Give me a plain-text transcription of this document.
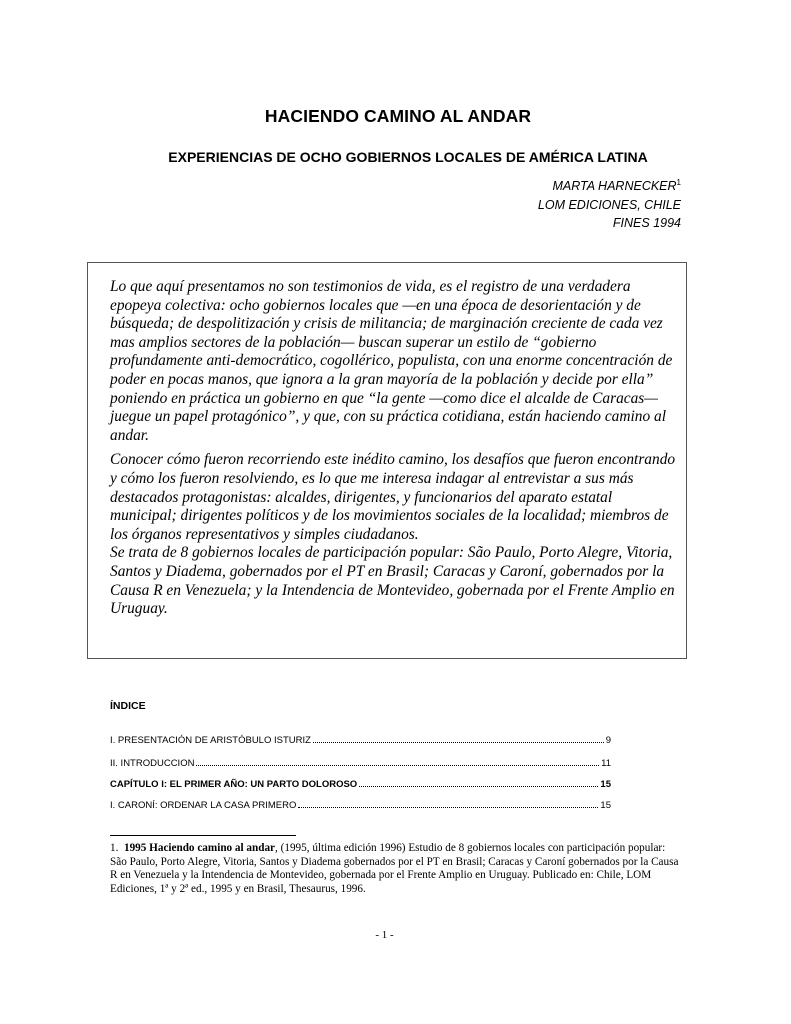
HACIENDO CAMINO AL ANDAR
EXPERIENCIAS DE OCHO GOBIERNOS LOCALES DE AMÉRICA LATINA
MARTA HARNECKER$^1$
LOM EDICIONES, CHILE
FINES 1994

Lo que aquí presentamos no son testimonios de vida, es el registro de una verdadera epopeya colectiva: ocho gobiernos locales que —en una época de desorientación y de búsqueda; de despolitización y crisis de militancia; de marginación creciente de cada vez mas amplios sectores de la población— buscan superar un estilo de “gobierno profundamente anti-democrático, cogollérico, populista, con una enorme concentración de poder en pocas manos, que ignora a la gran mayoría de la población y decide por ella” poniendo en práctica un gobierno en que “la gente —como dice el alcalde de Caracas— juegue un papel protagónico”, y que, con su práctica cotidiana, están haciendo camino al andar.

Conocer cómo fueron recorriendo este inédito camino, los desafíos que fueron encontrando y cómo los fueron resolviendo, es lo que me interesa indagar al entrevistar a sus más destacados protagonistas: alcaldes, dirigentes, y funcionarios del aparato estatal municipal; dirigentes políticos y de los movimientos sociales de la localidad; miembros de los órganos representativos y simples ciudadanos.

Se trata de 8 gobiernos locales de participación popular: São Paulo, Porto Alegre, Vitoria, Santos y Diadema, gobernados por el PT en Brasil; Caracas y Caroní, gobernados por la Causa R en Venezuela; y la Intendencia de Montevideo, gobernada por el Frente Amplio en Uruguay.

ÍNDICE
I. PRESENTACIÓN DE ARISTÓBULO ISTURIZ	9
II. INTRODUCCION	11
CAPÍTULO I: EL PRIMER AÑO: UN PARTO DOLOROSO	15
I. CARONÍ: ORDENAR LA CASA PRIMERO	15
1. 1995 Haciendo camino al andar, (1995, última edición 1996) Estudio de 8 gobiernos locales con participación popular: São Paulo, Porto Alegre, Vitoria, Santos y Diadema gobernados por el PT en Brasil; Caracas y Caroní gobernados por la Causa R en Venezuela y la Intendencia de Montevideo, gobernada por el Frente Amplio en Uruguay. Publicado en: Chile, LOM Ediciones, 1ª y 2ª ed., 1995 y en Brasil, Thesaurus, 1996.
- 1 -
